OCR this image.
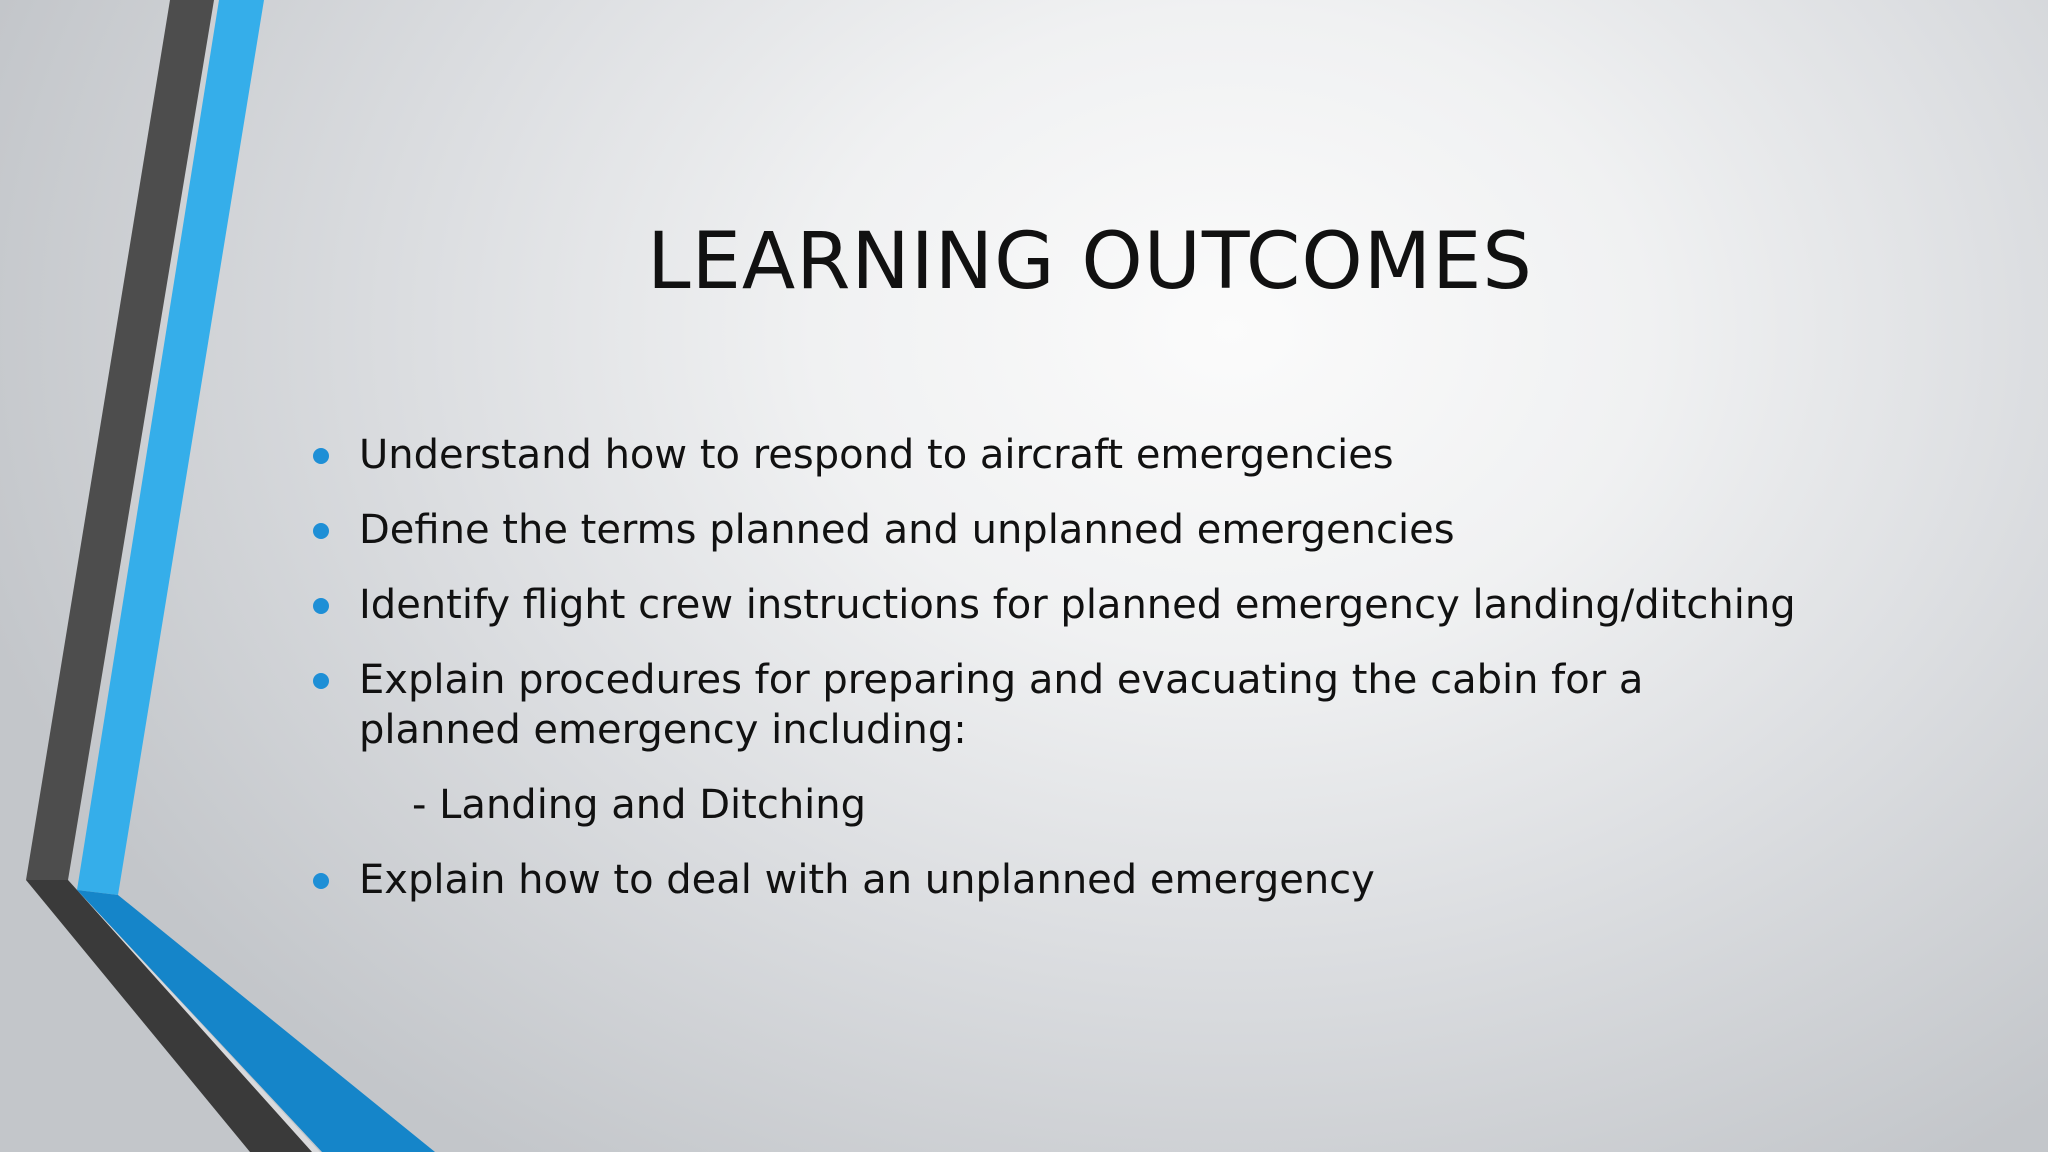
LEARNING OUTCOMES
Understand how to respond to aircraft emergencies
Define the terms planned and unplanned emergencies
Identify flight crew instructions for planned emergency landing/ditching
Explain procedures for preparing and evacuating the cabin for a planned emergency including:
- Landing and Ditching
Explain how to deal with an unplanned emergency
